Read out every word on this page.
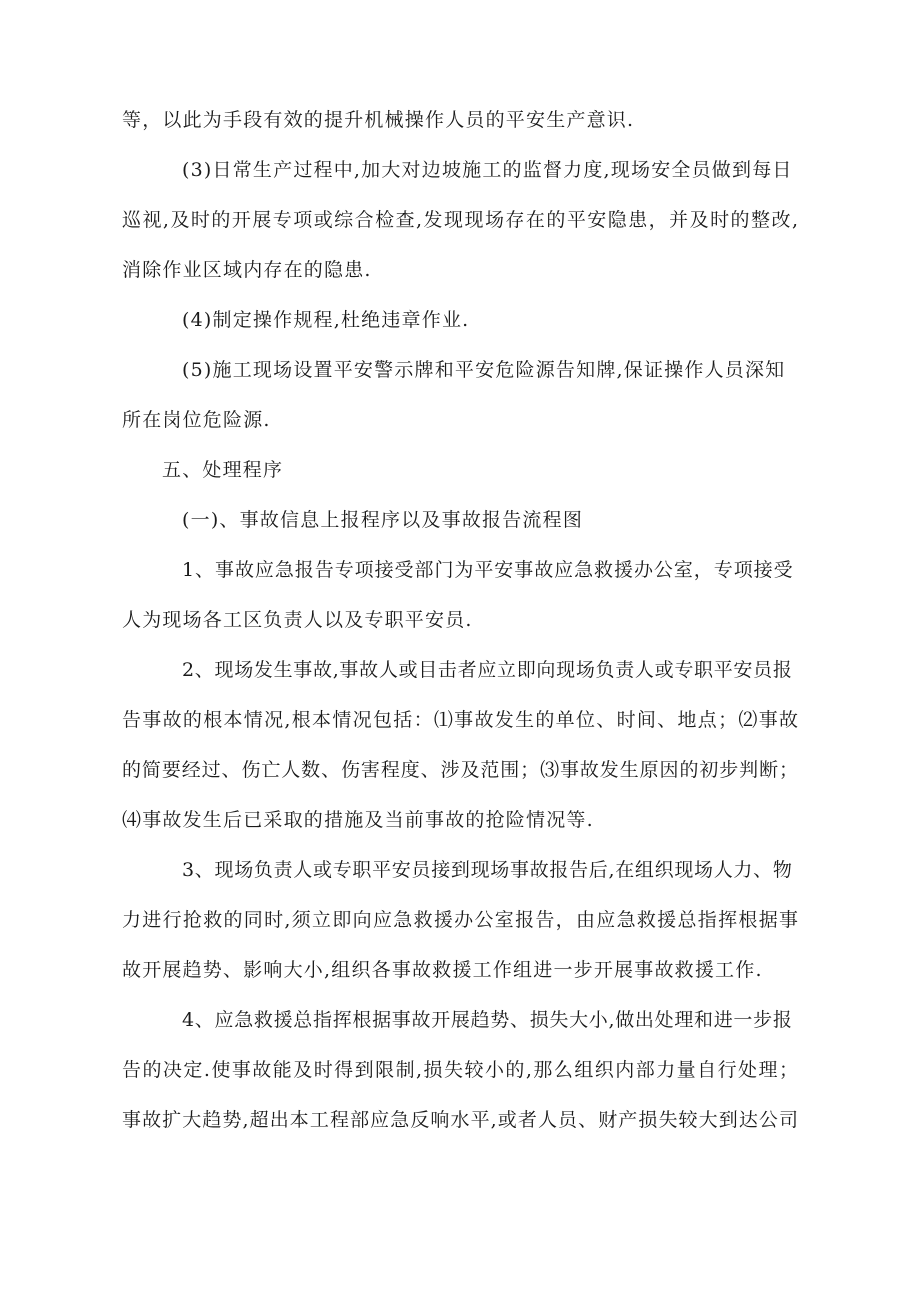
等，以此为手段有效的提升机械操作人员的平安生产意识.
(3)日常生产过程中,加大对边坡施工的监督力度,现场安全员做到每日
巡视,及时的开展专项或综合检查,发现现场存在的平安隐患，并及时的整改,
消除作业区域内存在的隐患.
(4)制定操作规程,杜绝违章作业.
(5)施工现场设置平安警示牌和平安危险源告知牌,保证操作人员深知
所在岗位危险源.
五、处理程序
(一)、事故信息上报程序以及事故报告流程图
1、事故应急报告专项接受部门为平安事故应急救援办公室，专项接受
人为现场各工区负责人以及专职平安员.
2、现场发生事故,事故人或目击者应立即向现场负责人或专职平安员报
告事故的根本情况,根本情况包括：⑴事故发生的单位、时间、地点；⑵事故
的简要经过、伤亡人数、伤害程度、涉及范围；⑶事故发生原因的初步判断；
⑷事故发生后已采取的措施及当前事故的抢险情况等.
3、现场负责人或专职平安员接到现场事故报告后,在组织现场人力、物
力进行抢救的同时,须立即向应急救援办公室报告，由应急救援总指挥根据事
故开展趋势、影响大小,组织各事故救援工作组进一步开展事故救援工作.
4、应急救援总指挥根据事故开展趋势、损失大小,做出处理和进一步报
告的决定.使事故能及时得到限制,损失较小的,那么组织内部力量自行处理；
事故扩大趋势,超出本工程部应急反响水平,或者人员、财产损失较大到达公司
